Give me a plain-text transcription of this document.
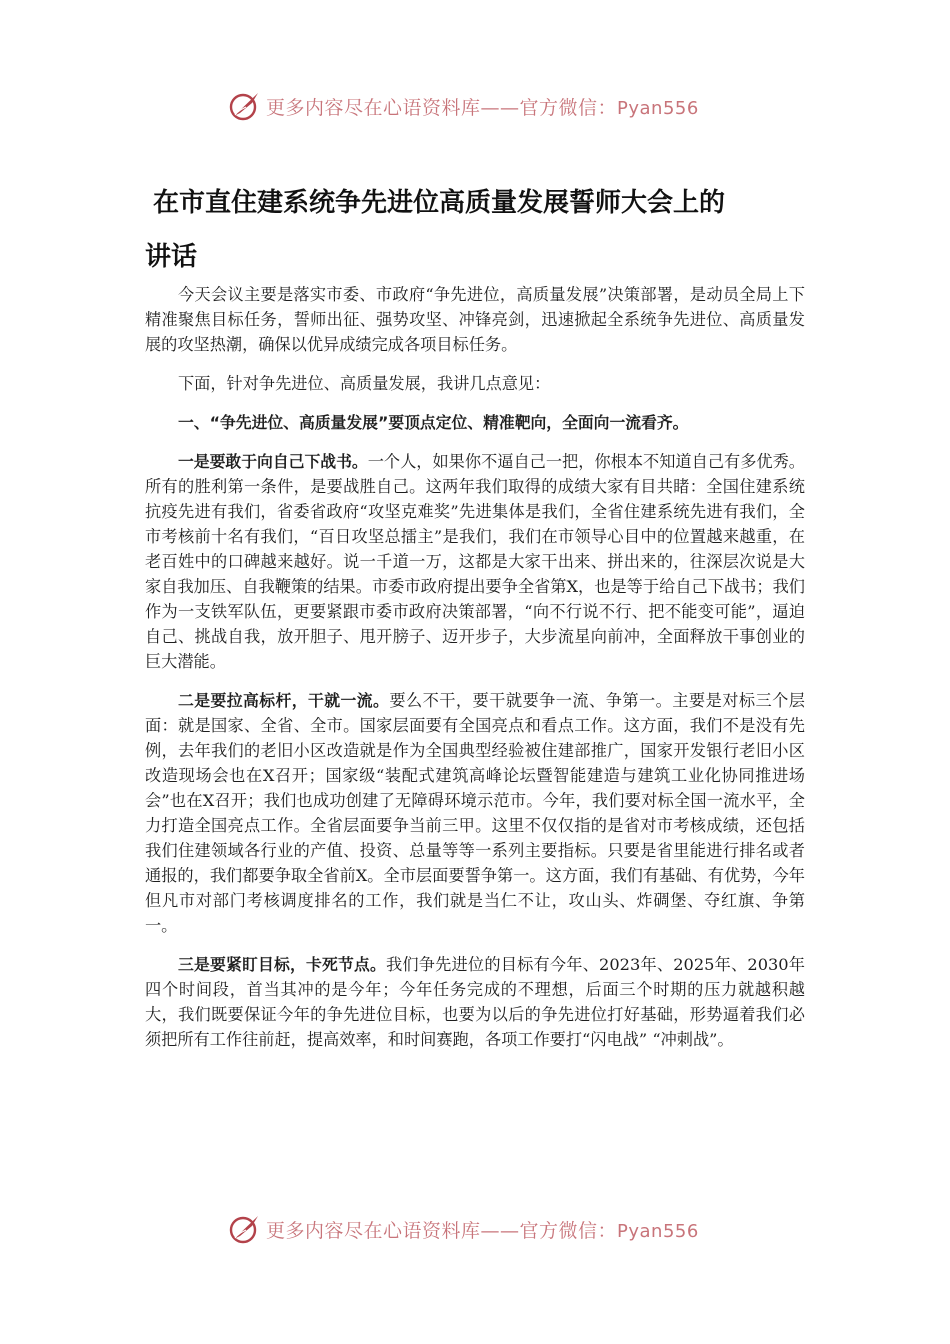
更多内容尽在心语资料库——官方微信：Pyan556
在市直住建系统争先进位高质量发展誓师大会上的
讲话

今天会议主要是落实市委、市政府“争先进位，高质量发展”决策部署，是动员全局上下精准聚焦目标任务，誓师出征、强势攻坚、冲锋亮剑，迅速掀起全系统争先进位、高质量发展的攻坚热潮，确保以优异成绩完成各项目标任务。

下面，针对争先进位、高质量发展，我讲几点意见：

一、“争先进位、高质量发展”要顶点定位、精准靶向，全面向一流看齐。

一是要敢于向自己下战书。一个人，如果你不逼自己一把，你根本不知道自己有多优秀。所有的胜利第一条件，是要战胜自己。这两年我们取得的成绩大家有目共睹：全国住建系统抗疫先进有我们，省委省政府“攻坚克难奖”先进集体是我们，全省住建系统先进有我们，全市考核前十名有我们，“百日攻坚总擂主”是我们，我们在市领导心目中的位置越来越重，在老百姓中的口碑越来越好。说一千道一万，这都是大家干出来、拼出来的，往深层次说是大家自我加压、自我鞭策的结果。市委市政府提出要争全省第X，也是等于给自己下战书；我们作为一支铁军队伍，更要紧跟市委市政府决策部署，“向不行说不行、把不能变可能”，逼迫自己、挑战自我，放开胆子、甩开膀子、迈开步子，大步流星向前冲，全面释放干事创业的巨大潜能。

二是要拉高标杆，干就一流。要么不干，要干就要争一流、争第一。主要是对标三个层面：就是国家、全省、全市。国家层面要有全国亮点和看点工作。这方面，我们不是没有先例，去年我们的老旧小区改造就是作为全国典型经验被住建部推广，国家开发银行老旧小区改造现场会也在X召开；国家级“装配式建筑高峰论坛暨智能建造与建筑工业化协同推进场会”也在X召开；我们也成功创建了无障碍环境示范市。今年，我们要对标全国一流水平，全力打造全国亮点工作。全省层面要争当前三甲。这里不仅仅指的是省对市考核成绩，还包括我们住建领域各行业的产值、投资、总量等等一系列主要指标。只要是省里能进行排名或者通报的，我们都要争取全省前X。全市层面要誓争第一。这方面，我们有基础、有优势，今年但凡市对部门考核调度排名的工作，我们就是当仁不让，攻山头、炸碉堡、夺红旗、争第一。

三是要紧盯目标，卡死节点。我们争先进位的目标有今年、2023年、2025年、2030年四个时间段，首当其冲的是今年；今年任务完成的不理想，后面三个时期的压力就越积越大，我们既要保证今年的争先进位目标，也要为以后的争先进位打好基础，形势逼着我们必须把所有工作往前赶，提高效率，和时间赛跑，各项工作要打“闪电战” “冲刺战”。

更多内容尽在心语资料库——官方微信：Pyan556
